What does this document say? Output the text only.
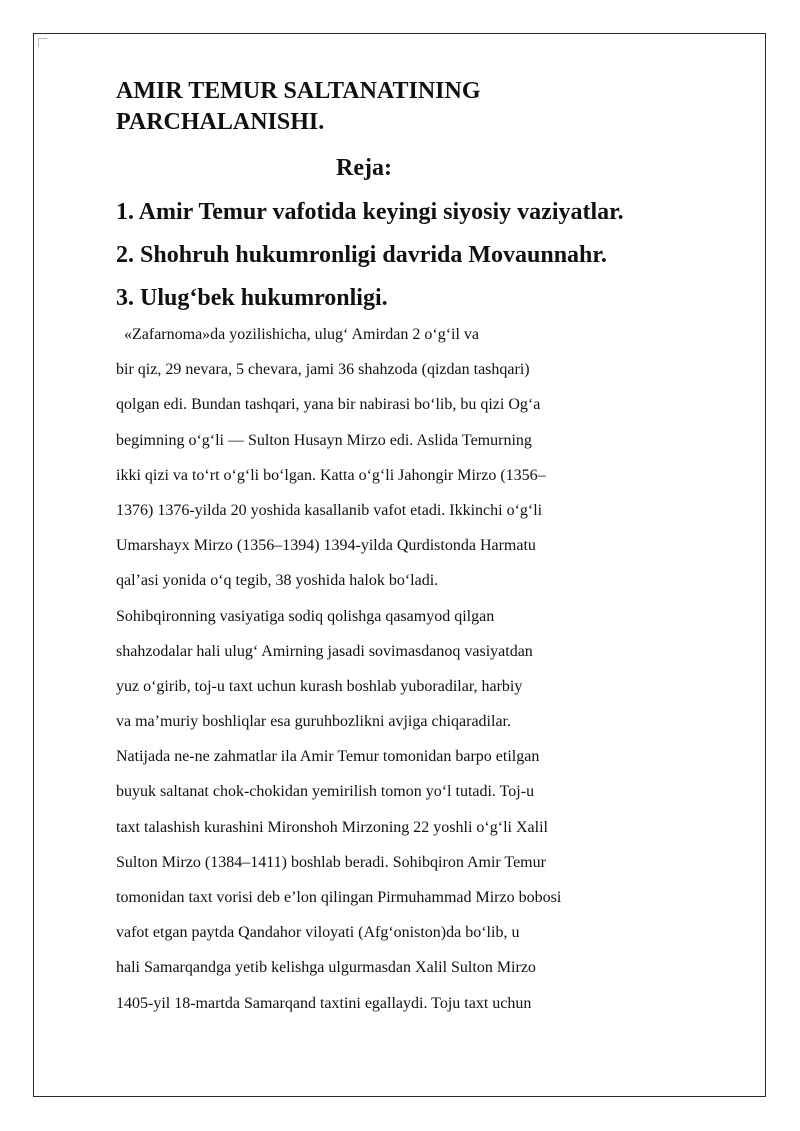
AMIR TEMUR SALTANATINING
PARCHALANISHI.
Reja:
1. Amir Temur vafotida keyingi siyosiy vaziyatlar.
2. Shohruh hukumronligi davrida Movaunnahr.
3. Ulug‘bek hukumronligi.

«Zafarnoma»da yozilishicha, ulug‘ Amirdan 2 o‘g‘il va

bir qiz, 29 nevara, 5 chevara, jami 36 shahzoda (qizdan tashqari)

qolgan edi. Bundan tashqari, yana bir nabirasi bo‘lib, bu qizi Og‘a

begimning o‘g‘li — Sulton Husayn Mirzo edi. Aslida Temurning

ikki qizi va to‘rt o‘g‘li bo‘lgan. Katta o‘g‘li Jahongir Mirzo (1356–

1376) 1376-yilda 20 yoshida kasallanib vafot etadi. Ikkinchi o‘g‘li

Umarshayx Mirzo (1356–1394) 1394-yilda Qurdistonda Harmatu

qal’asi yonida o‘q tegib, 38 yoshida halok bo‘ladi.

Sohibqironning vasiyatiga sodiq qolishga qasamyod qilgan

shahzodalar hali ulug‘ Amirning jasadi sovimasdanoq vasiyatdan

yuz o‘girib, toj-u taxt uchun kurash boshlab yuboradilar, harbiy

va ma’muriy boshliqlar esa guruhbozlikni avjiga chiqaradilar.

Natijada ne-ne zahmatlar ila Amir Temur tomonidan barpo etilgan

buyuk saltanat chok-chokidan yemirilish tomon yo‘l tutadi. Toj-u

taxt talashish kurashini Mironshoh Mirzoning 22 yoshli o‘g‘li Xalil

Sulton Mirzo (1384–1411) boshlab beradi. Sohibqiron Amir Temur

tomonidan taxt vorisi deb e’lon qilingan Pirmuhammad Mirzo bobosi

vafot etgan paytda Qandahor viloyati (Afg‘oniston)da bo‘lib, u

hali Samarqandga yetib kelishga ulgurmasdan Xalil Sulton Mirzo

1405-yil 18-martda Samarqand taxtini egallaydi. Toju taxt uchun
